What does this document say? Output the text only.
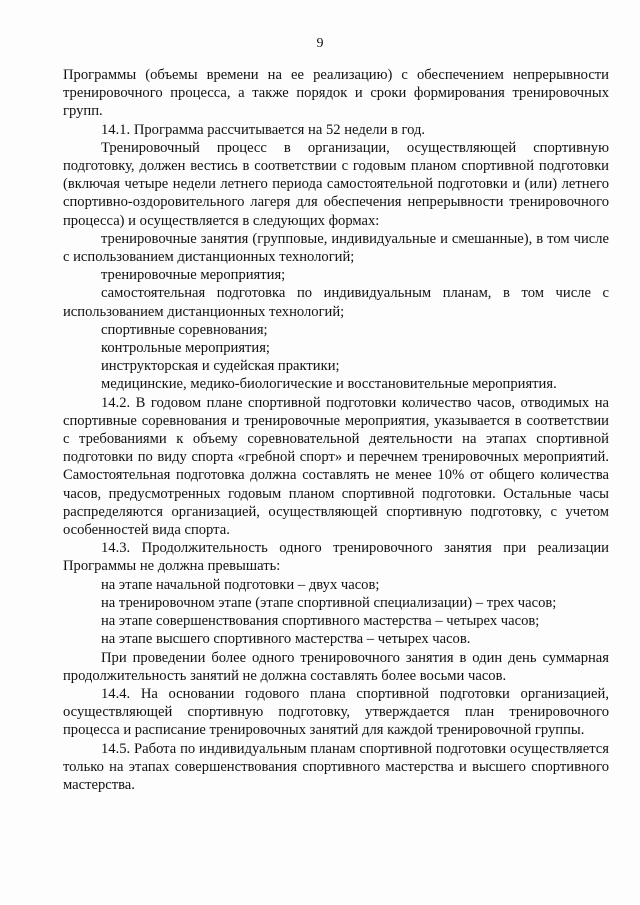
9

Программы (объемы времени на ее реализацию) с обеспечением непрерывности тренировочного процесса, а также порядок и сроки формирования тренировочных групп.

14.1. Программа рассчитывается на 52 недели в год.

Тренировочный процесс в организации, осуществляющей спортивную подготовку, должен вестись в соответствии с годовым планом спортивной подготовки (включая четыре недели летнего периода самостоятельной подготовки и (или) летнего спортивно-оздоровительного лагеря для обеспечения непрерывности тренировочного процесса) и осуществляется в следующих формах:

тренировочные занятия (групповые, индивидуальные и смешанные), в том числе с использованием дистанционных технологий;

тренировочные мероприятия;

самостоятельная подготовка по индивидуальным планам, в том числе с использованием дистанционных технологий;

спортивные соревнования;

контрольные мероприятия;

инструкторская и судейская практики;

медицинские, медико-биологические и восстановительные мероприятия.

14.2. В годовом плане спортивной подготовки количество часов, отводимых на спортивные соревнования и тренировочные мероприятия, указывается в соответствии с требованиями к объему соревновательной деятельности на этапах спортивной подготовки по виду спорта «гребной спорт» и перечнем тренировочных мероприятий. Самостоятельная подготовка должна составлять не менее 10% от общего количества часов, предусмотренных годовым планом спортивной подготовки. Остальные часы распределяются организацией, осуществляющей спортивную подготовку, с учетом особенностей вида спорта.

14.3. Продолжительность одного тренировочного занятия при реализации Программы не должна превышать:

на этапе начальной подготовки – двух часов;

на тренировочном этапе (этапе спортивной специализации) – трех часов;

на этапе совершенствования спортивного мастерства – четырех часов;

на этапе высшего спортивного мастерства – четырех часов.

При проведении более одного тренировочного занятия в один день суммарная продолжительность занятий не должна составлять более восьми часов.

14.4. На основании годового плана спортивной подготовки организацией, осуществляющей спортивную подготовку, утверждается план тренировочного процесса и расписание тренировочных занятий для каждой тренировочной группы.

14.5. Работа по индивидуальным планам спортивной подготовки осуществляется только на этапах совершенствования спортивного мастерства и высшего спортивного мастерства.
